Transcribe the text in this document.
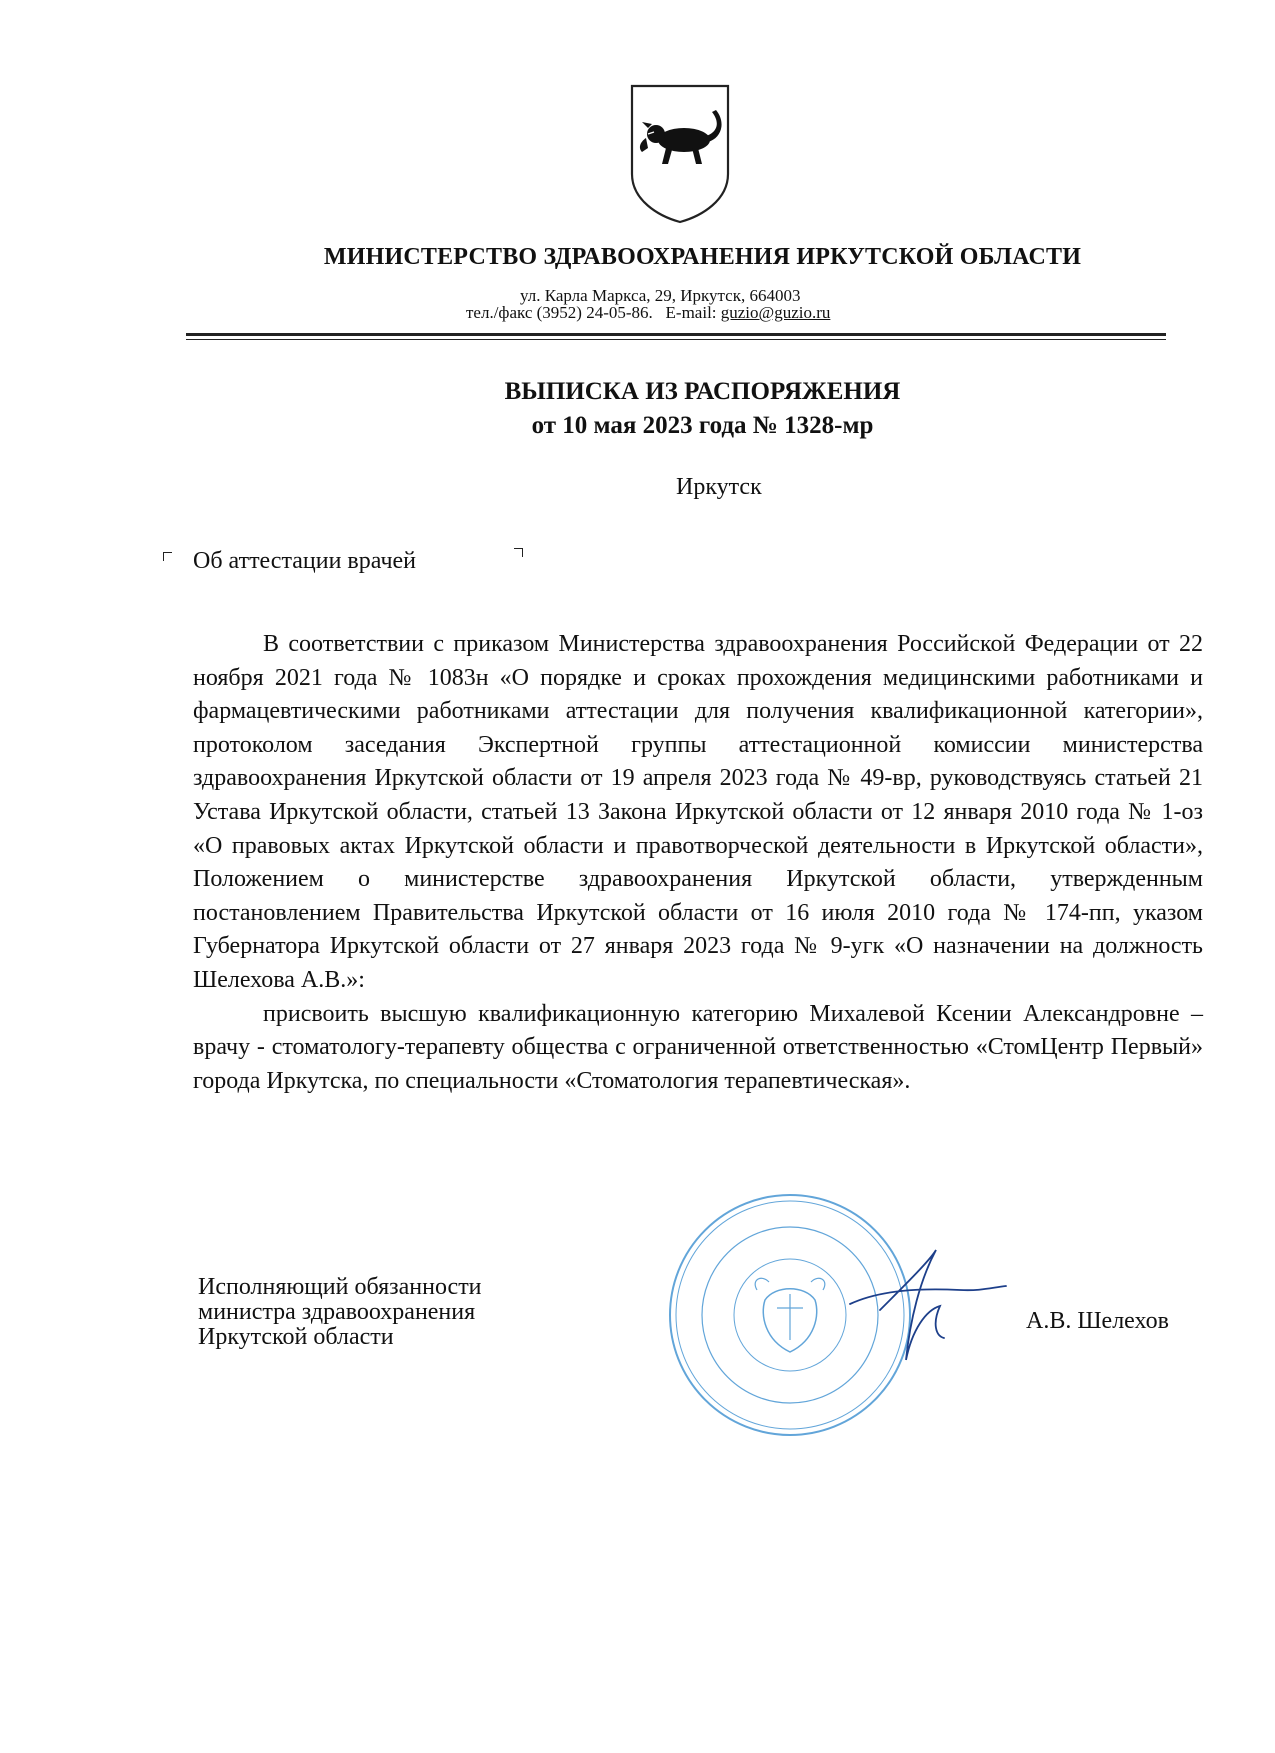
МИНИСТЕРСТВО ЗДРАВООХРАНЕНИЯ ИРКУТСКОЙ ОБЛАСТИ
ул. Карла Маркса, 29, Иркутск, 664003
тел./факс (3952) 24-05-86. E-mail: guzio@guzio.ru
ВЫПИСКА ИЗ РАСПОРЯЖЕНИЯ
от 10 мая 2023 года № 1328-мр
Иркутск
Об аттестации врачей

В соответствии с приказом Министерства здравоохранения Российской Федерации от 22 ноября 2021 года № 1083н «О порядке и сроках прохождения медицинскими работниками и фармацевтическими работниками аттестации для получения квалификационной категории», протоколом заседания Экспертной группы аттестационной комиссии министерства здравоохранения Иркутской области от 19 апреля 2023 года № 49-вр, руководствуясь статьей 21 Устава Иркутской области, статьей 13 Закона Иркутской области от 12 января 2010 года № 1-оз «О правовых актах Иркутской области и правотворческой деятельности в Иркутской области», Положением о министерстве здравоохранения Иркутской области, утвержденным постановлением Правительства Иркутской области от 16 июля 2010 года № 174-пп, указом Губернатора Иркутской области от 27 января 2023 года № 9-угк «О назначении на должность Шелехова А.В.»:

присвоить высшую квалификационную категорию Михалевой Ксении Александровне – врачу - стоматологу-терапевту общества с ограниченной ответственностью «СтомЦентр Первый» города Иркутска, по специальности «Стоматология терапевтическая».

Исполняющий обязанности
министра здравоохранения
Иркутской области
А.В. Шелехов
